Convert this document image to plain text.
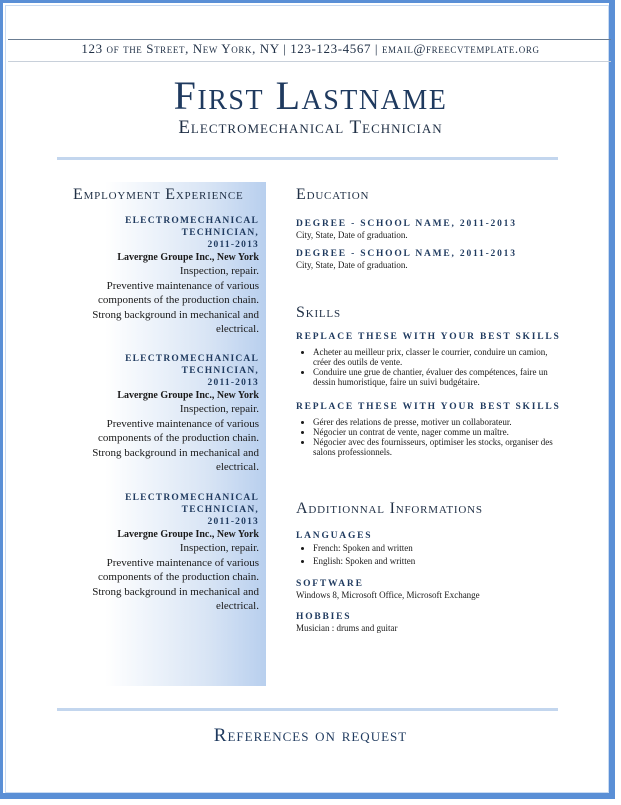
123 of the Street, New York, NY | 123-123-4567 | email@freecvtemplate.org
First Lastname
Electromechanical Technician
Employment Experience
ELECTROMECHANICAL
TECHNICIAN,
2011-2013
Lavergne Groupe Inc., New York
Inspection, repair.
Preventive maintenance of various
components of the production chain.
Strong background in mechanical and
electrical.
ELECTROMECHANICAL
TECHNICIAN,
2011-2013
Lavergne Groupe Inc., New York
Inspection, repair.
Preventive maintenance of various
components of the production chain.
Strong background in mechanical and
electrical.
ELECTROMECHANICAL
TECHNICIAN,
2011-2013
Lavergne Groupe Inc., New York
Inspection, repair.
Preventive maintenance of various
components of the production chain.
Strong background in mechanical and
electrical.
Education
DEGREE - SCHOOL NAME, 2011-2013
City, State, Date of graduation.
DEGREE - SCHOOL NAME, 2011-2013
City, State, Date of graduation.
Skills
REPLACE THESE WITH YOUR BEST SKILLS
• Acheter au meilleur prix, classer le courrier, conduire un camion, créer des outils de vente.
• Conduire une grue de chantier, évaluer des compétences, faire un dessin humoristique, faire un suivi budgétaire.
REPLACE THESE WITH YOUR BEST SKILLS
• Gérer des relations de presse, motiver un collaborateur.
• Négocier un contrat de vente, nager comme un maître.
• Négocier avec des fournisseurs, optimiser les stocks, organiser des salons professionnels.
Additionnal Informations
LANGUAGES
• French: Spoken and written
• English: Spoken and written
SOFTWARE
Windows 8, Microsoft Office, Microsoft Exchange
HOBBIES
Musician : drums and guitar
References on request
